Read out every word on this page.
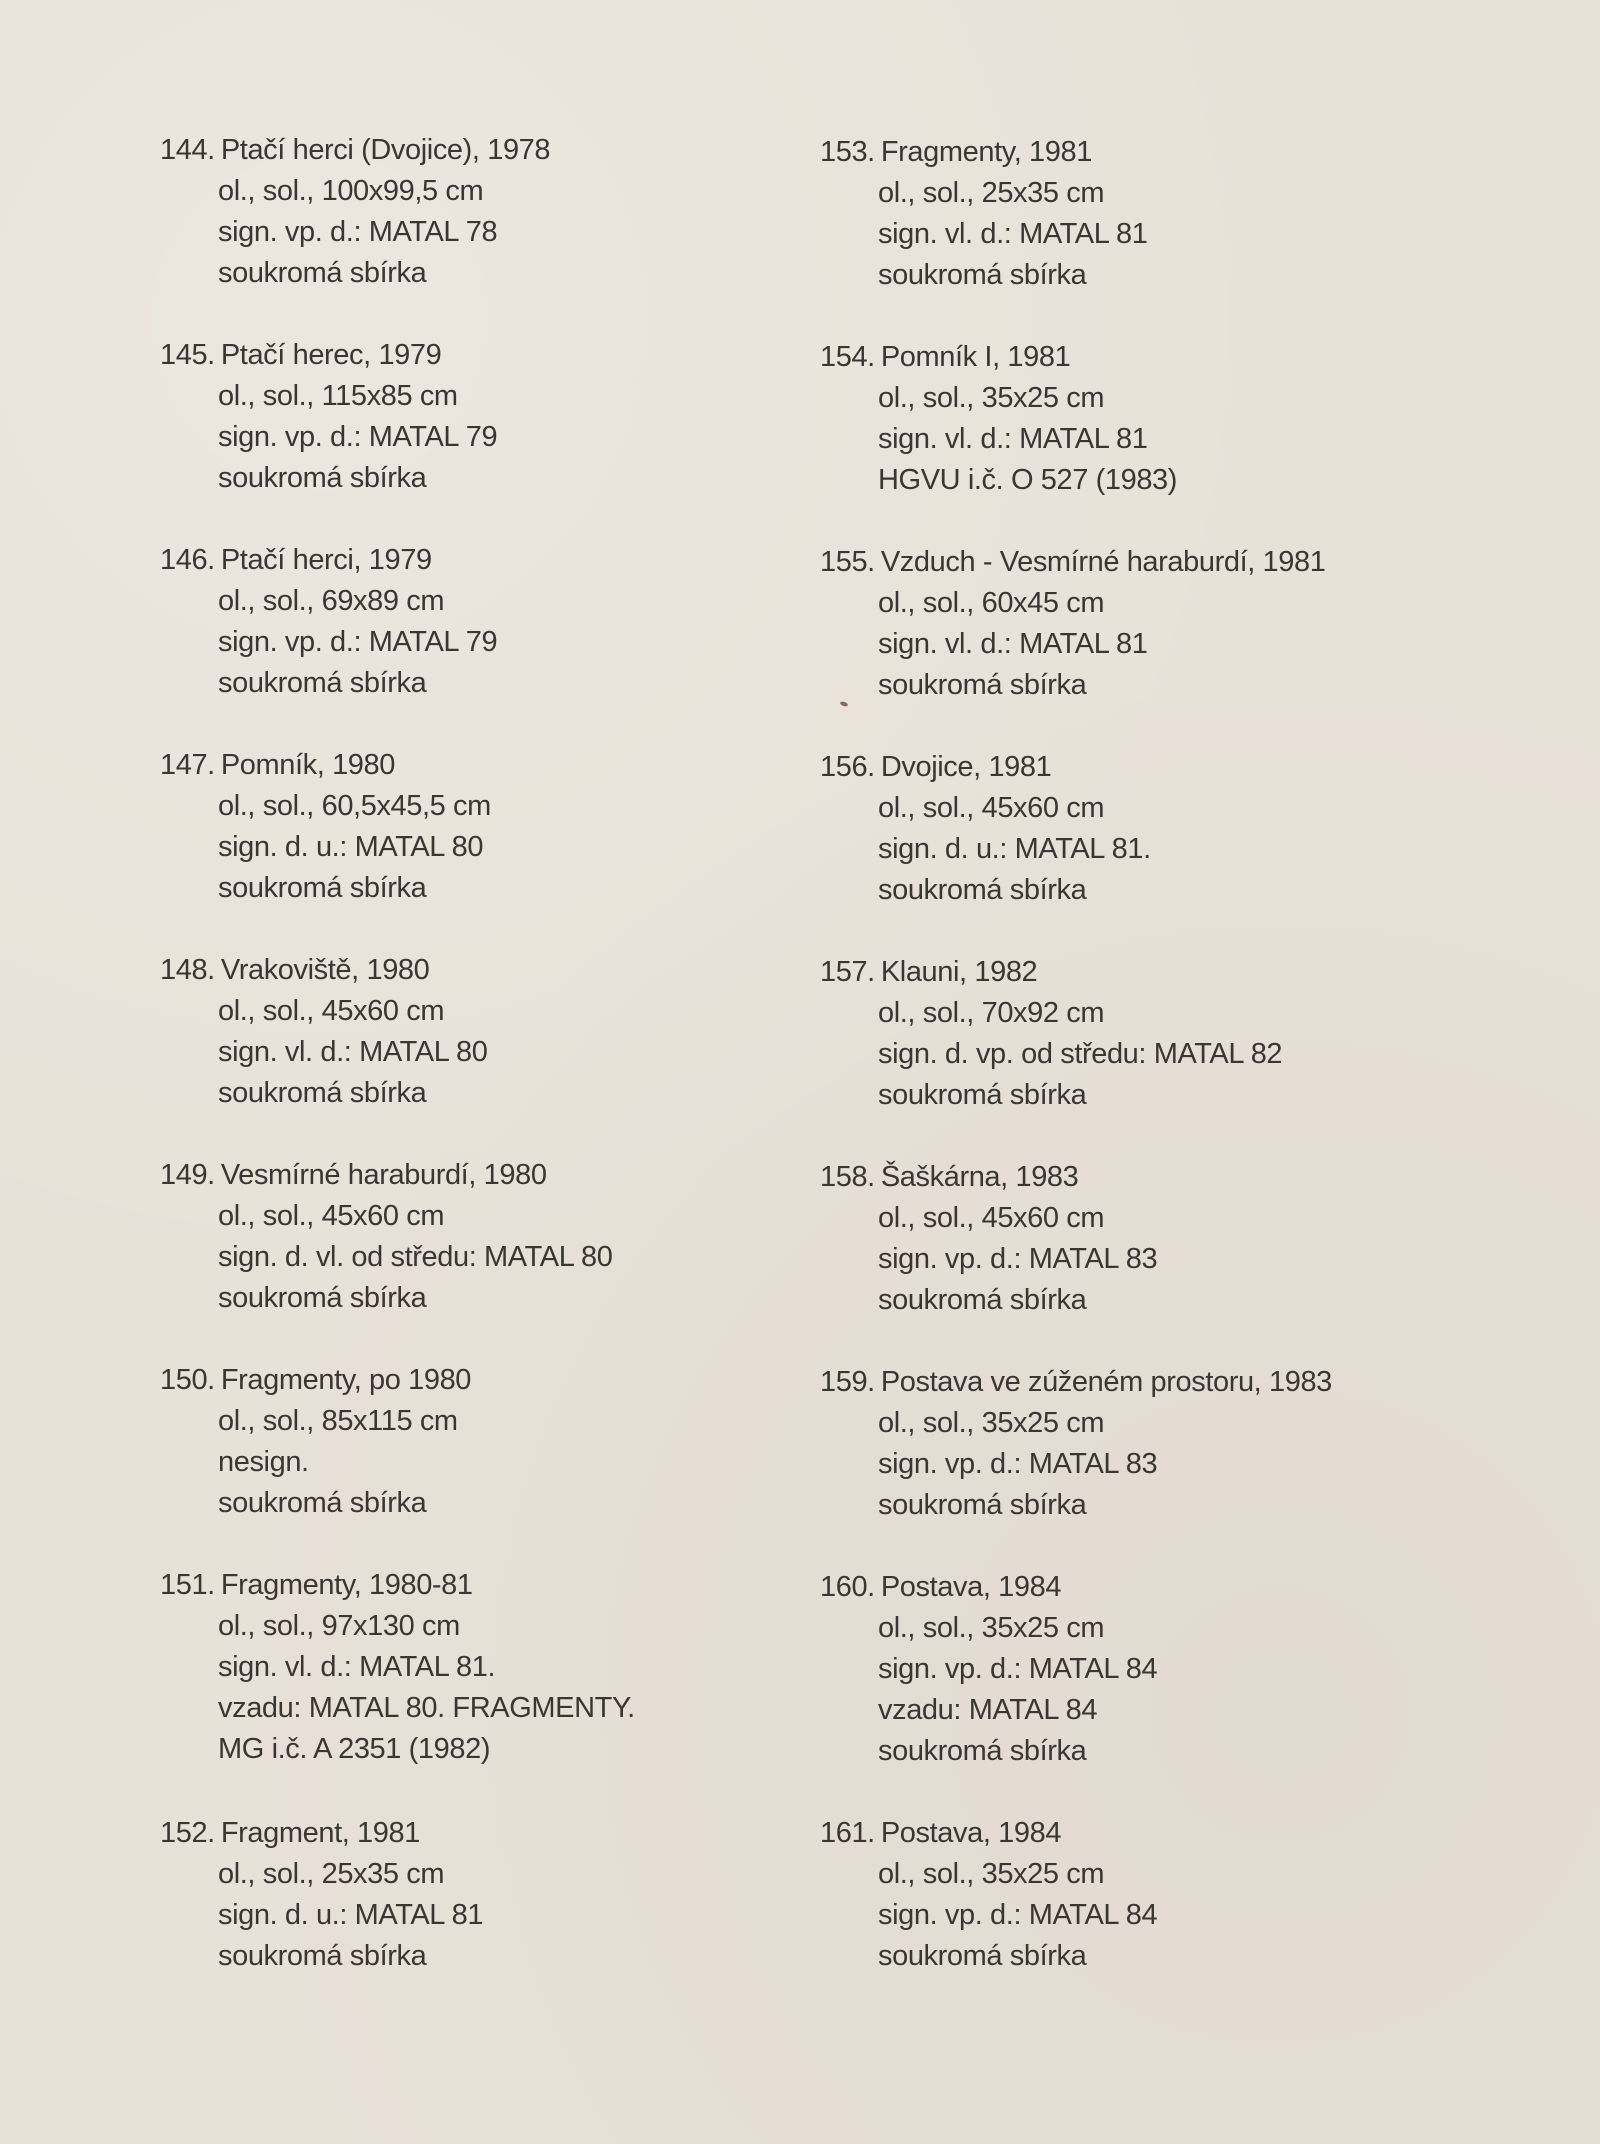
144. Ptačí herci (Dvojice), 1978
ol., sol., 100x99,5 cm
sign. vp. d.: MATAL 78
soukromá sbírka
145. Ptačí herec, 1979
ol., sol., 115x85 cm
sign. vp. d.: MATAL 79
soukromá sbírka
146. Ptačí herci, 1979
ol., sol., 69x89 cm
sign. vp. d.: MATAL 79
soukromá sbírka
147. Pomník, 1980
ol., sol., 60,5x45,5 cm
sign. d. u.: MATAL 80
soukromá sbírka
148. Vrakoviště, 1980
ol., sol., 45x60 cm
sign. vl. d.: MATAL 80
soukromá sbírka
149. Vesmírné haraburdí, 1980
ol., sol., 45x60 cm
sign. d. vl. od středu: MATAL 80
soukromá sbírka
150. Fragmenty, po 1980
ol., sol., 85x115 cm
nesign.
soukromá sbírka
151. Fragmenty, 1980-81
ol., sol., 97x130 cm
sign. vl. d.: MATAL 81.
vzadu: MATAL 80. FRAGMENTY.
MG i.č. A 2351 (1982)
152. Fragment, 1981
ol., sol., 25x35 cm
sign. d. u.: MATAL 81
soukromá sbírka
153. Fragmenty, 1981
ol., sol., 25x35 cm
sign. vl. d.: MATAL 81
soukromá sbírka
154. Pomník I, 1981
ol., sol., 35x25 cm
sign. vl. d.: MATAL 81
HGVU i.č. O 527 (1983)
155. Vzduch - Vesmírné haraburdí, 1981
ol., sol., 60x45 cm
sign. vl. d.: MATAL 81
soukromá sbírka
156. Dvojice, 1981
ol., sol., 45x60 cm
sign. d. u.: MATAL 81.
soukromá sbírka
157. Klauni, 1982
ol., sol., 70x92 cm
sign. d. vp. od středu: MATAL 82
soukromá sbírka
158. Šaškárna, 1983
ol., sol., 45x60 cm
sign. vp. d.: MATAL 83
soukromá sbírka
159. Postava ve zúženém prostoru, 1983
ol., sol., 35x25 cm
sign. vp. d.: MATAL 83
soukromá sbírka
160. Postava, 1984
ol., sol., 35x25 cm
sign. vp. d.: MATAL 84
vzadu: MATAL 84
soukromá sbírka
161. Postava, 1984
ol., sol., 35x25 cm
sign. vp. d.: MATAL 84
soukromá sbírka
